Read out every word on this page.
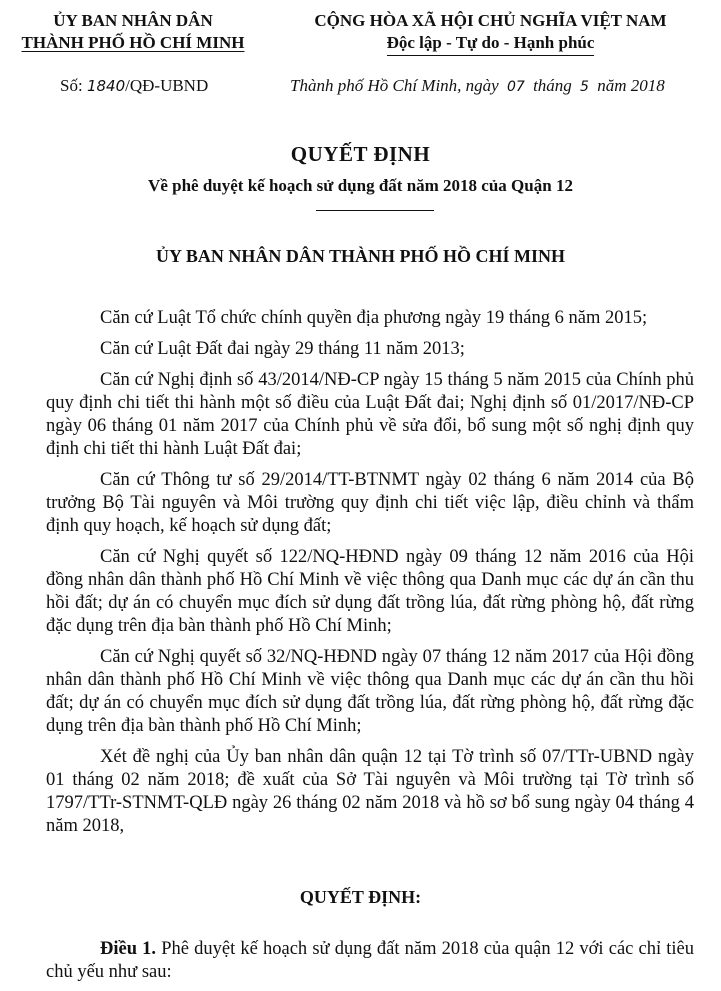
ỦY BAN NHÂN DÂN
THÀNH PHỐ HỒ CHÍ MINH
CỘNG HÒA XÃ HỘI CHỦ NGHĨA VIỆT NAM
Độc lập - Tự do - Hạnh phúc
Số: 1840/QĐ-UBND	Thành phố Hồ Chí Minh, ngày 07 tháng 5 năm 2018
QUYẾT ĐỊNH
Về phê duyệt kế hoạch sử dụng đất năm 2018 của Quận 12
ỦY BAN NHÂN DÂN THÀNH PHỐ HỒ CHÍ MINH

Căn cứ Luật Tổ chức chính quyền địa phương ngày 19 tháng 6 năm 2015;

Căn cứ Luật Đất đai ngày 29 tháng 11 năm 2013;

Căn cứ Nghị định số 43/2014/NĐ-CP ngày 15 tháng 5 năm 2015 của Chính phủ quy định chi tiết thi hành một số điều của Luật Đất đai; Nghị định số 01/2017/NĐ-CP ngày 06 tháng 01 năm 2017 của Chính phủ về sửa đổi, bổ sung một số nghị định quy định chi tiết thi hành Luật Đất đai;

Căn cứ Thông tư số 29/2014/TT-BTNMT ngày 02 tháng 6 năm 2014 của Bộ trưởng Bộ Tài nguyên và Môi trường quy định chi tiết việc lập, điều chỉnh và thẩm định quy hoạch, kế hoạch sử dụng đất;

Căn cứ Nghị quyết số 122/NQ-HĐND ngày 09 tháng 12 năm 2016 của Hội đồng nhân dân thành phố Hồ Chí Minh về việc thông qua Danh mục các dự án cần thu hồi đất; dự án có chuyển mục đích sử dụng đất trồng lúa, đất rừng phòng hộ, đất rừng đặc dụng trên địa bàn thành phố Hồ Chí Minh;

Căn cứ Nghị quyết số 32/NQ-HĐND ngày 07 tháng 12 năm 2017 của Hội đồng nhân dân thành phố Hồ Chí Minh về việc thông qua Danh mục các dự án cần thu hồi đất; dự án có chuyển mục đích sử dụng đất trồng lúa, đất rừng phòng hộ, đất rừng đặc dụng trên địa bàn thành phố Hồ Chí Minh;

Xét đề nghị của Ủy ban nhân dân quận 12 tại Tờ trình số 07/TTr-UBND ngày 01 tháng 02 năm 2018; đề xuất của Sở Tài nguyên và Môi trường tại Tờ trình số 1797/TTr-STNMT-QLĐ ngày 26 tháng 02 năm 2018 và hồ sơ bổ sung ngày 04 tháng 4 năm 2018,

QUYẾT ĐỊNH:
Điều 1. Phê duyệt kế hoạch sử dụng đất năm 2018 của quận 12 với các chỉ tiêu chủ yếu như sau:
